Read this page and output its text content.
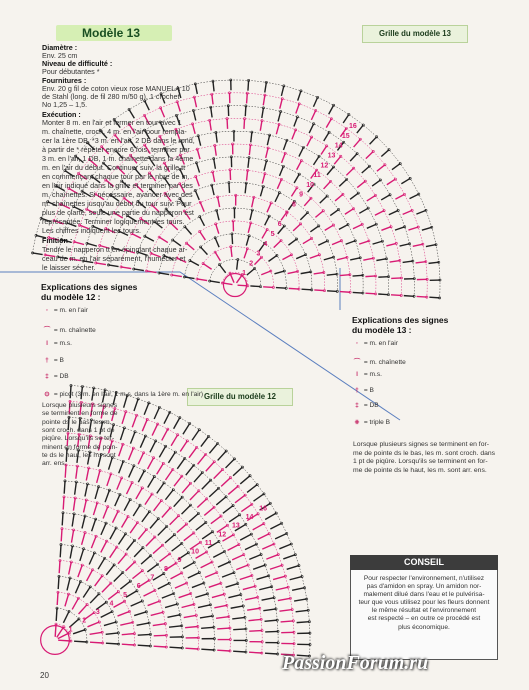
16
15
14
13
12
11
10
9
8
7
6
5
4
3
2
1
16
14
13
12
11
10
9
8
7
6
5
4
3
2
1
Modèle 13
Diamètre :
Env. 25 cm
Niveau de difficulté :
Pour débutantes *
Fournitures :
Env. 20 g fil de coton vieux rose MANUELA 10
de Stahl (long. de fil 280 m/50 g), 1 crochet
No 1,25 – 1,5.
Exécution :
Monter 8 m. en l'air et fermer en tour avec 1
m. chaînette, croch. 4 m. en l'air pour rempla-
cer la 1ère DB, *3 m. en l'air, 2 DB dans le rond,
à partir de * répéter encore 6 fois, terminer par
3 m. en l'air, 1 DB, 1 m. chaînette dans la 4ème
m. en l'air du début. Continuer suiv. la grille tt
en commençant chaque tour par le nbre de m.
en l'air indiqué dans la grille et terminer par des
m. chaînettes. Si nécessaire, avancer avec des
m. chaînettes jusqu'au début du tour suiv. Pour
plus de clarté, seule une partie du napperon est
représentée. Terminer logiquement les tours.
Les chiffres indiquent les tours.
Finition :
Tendre le napperon tt en épinglant chaque ar-
ceau de m. en l'air séparément, l'humecter et
le laisser sécher.
Grille du modèle 13
Grille du modèle 12
Explications des signes
du modèle 12 :
◦ = m. en l'air
⌒ = m. chaînette
ǀ = m.s.
† = B
‡ = DB
⊙ = picot (3 m. en l'air, 1 m.s. dans la 1ère m. en l'air)
Lorsque plusieurs signes
se terminent en forme de
pointe ds le bas, les m.
sont croch. dans 1 pt de
piqûre. Lorsqu'ils se ter-
minent en forme de poin-
te ds le haut, les m. sont
arr. ens.
Explications des signes
du modèle 13 :
◦ = m. en l'air
⌒ = m. chaînette
ǀ = m.s.
† = B
‡ = DB
⧺ = triple B
Lorsque plusieurs signes se terminent en for-
me de pointe ds le bas, les m. sont croch. dans
1 pt de piqûre. Lorsqu'ils se terminent en for-
me de pointe ds le haut, les m. sont arr. ens.
CONSEIL
Pour respecter l'environnement, n'utilisez
pas d'amidon en spray. Un amidon nor-
malement dilué dans l'eau et le pulvérisa-
teur que vous utilisez pour les fleurs donnent
le même résultat et l'environnement
est respecté – en outre ce procédé est
plus économique.
20
PassionForum.ru
